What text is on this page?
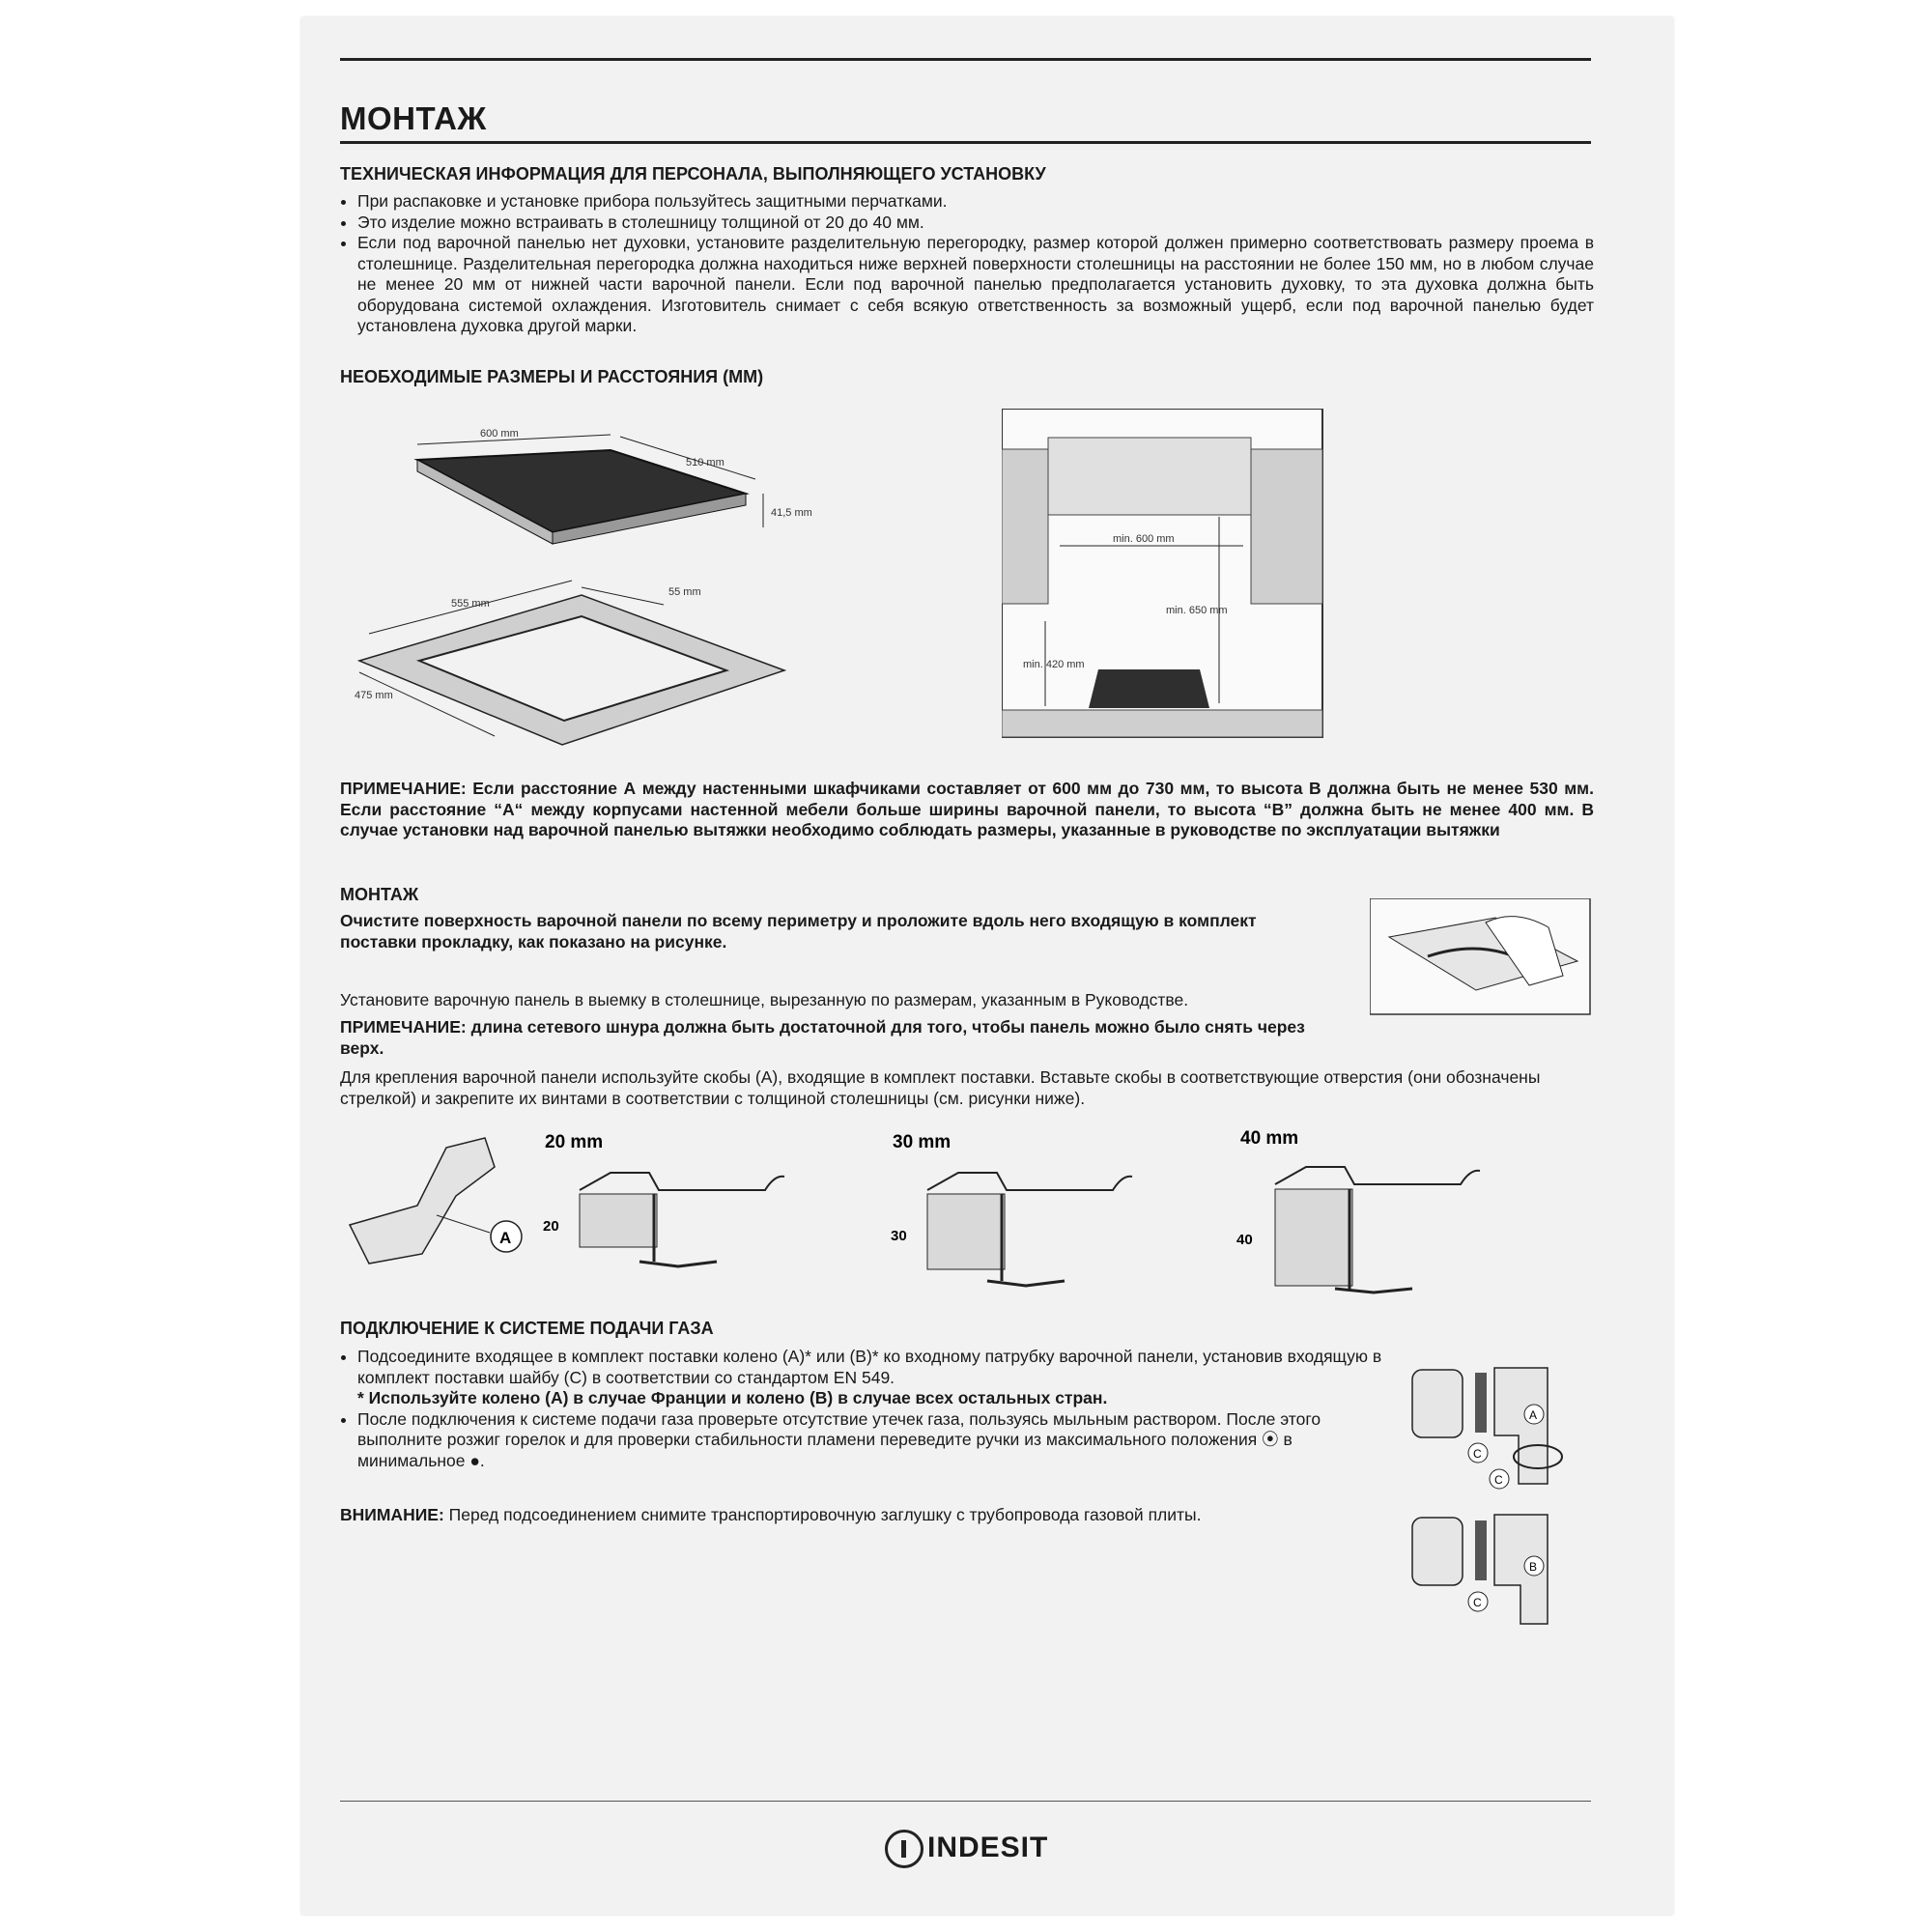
МОНТАЖ
ТЕХНИЧЕСКАЯ ИНФОРМАЦИЯ ДЛЯ ПЕРСОНАЛА, ВЫПОЛНЯЮЩЕГО УСТАНОВКУ
• При распаковке и установке прибора пользуйтесь защитными перчатками.
• Это изделие можно встраивать в столешницу толщиной от 20 до 40 мм.
• Если под варочной панелью нет духовки, установите разделительную перегородку, размер которой должен примерно соответствовать размеру проема в столешнице. Разделительная перегородка должна находиться ниже верхней поверхности столешницы на расстоянии не более 150 мм, но в любом случае не менее 20 мм от нижней части варочной панели. Если под варочной панелью предполагается установить духовку, то эта духовка должна быть оборудована системой охлаждения. Изготовитель снимает с себя всякую ответственность за возможный ущерб, если под варочной панелью будет установлена духовка другой марки.
НЕОБХОДИМЫЕ РАЗМЕРЫ И РАССТОЯНИЯ (ММ)
600 mm
510 mm
41,5 mm
555 mm
55 mm
475 mm
min. 600 mm
min. 650 mm
min. 420 mm
ПРИМЕЧАНИЕ: Если расстояние А между настенными шкафчиками составляет от 600 мм до 730 мм, то высота B должна быть не менее 530 мм. Если расстояние “А“ между корпусами настенной мебели больше ширины варочной панели, то высота “В” должна быть не менее 400 мм. В случае установки над варочной панелью вытяжки необходимо соблюдать размеры, указанные в руководстве по эксплуатации вытяжки
МОНТАЖ
Очистите поверхность варочной панели по всему периметру и проложите вдоль него входящую в комплект поставки прокладку, как показано на рисунке.
Установите варочную панель в выемку в столешнице, вырезанную по размерам, указанным в Руководстве.
ПРИМЕЧАНИЕ: длина сетевого шнура должна быть достаточной для того, чтобы панель можно было снять через верх.
Для крепления варочной панели используйте скобы (A), входящие в комплект поставки. Вставьте скобы в соответствующие отверстия (они обозначены стрелкой) и закрепите их винтами в соответствии с толщиной столешницы (см. рисунки ниже).
A
20 mm
20
30 mm
30
40 mm
40
ПОДКЛЮЧЕНИЕ К СИСТЕМЕ ПОДАЧИ ГАЗА
• Подсоедините входящее в комплект поставки колено (A)* или (B)* ко входному патрубку варочной панели, установив входящую в комплект поставки шайбу (C) в соответствии со стандартом EN 549.
* Используйте колено (A) в случае Франции и колено (B) в случае всех остальных стран.
• После подключения к системе подачи газа проверьте отсутствие утечек газа, пользуясь мыльным раствором. После этого выполните розжиг горелок и для проверки стабильности пламени переведите ручки из максимального положения ⦿ в минимальное ●.
ВНИМАНИЕ: Перед подсоединением снимите транспортировочную заглушку с трубопровода газовой плиты.
A
C
C
B
C
INDESIT
